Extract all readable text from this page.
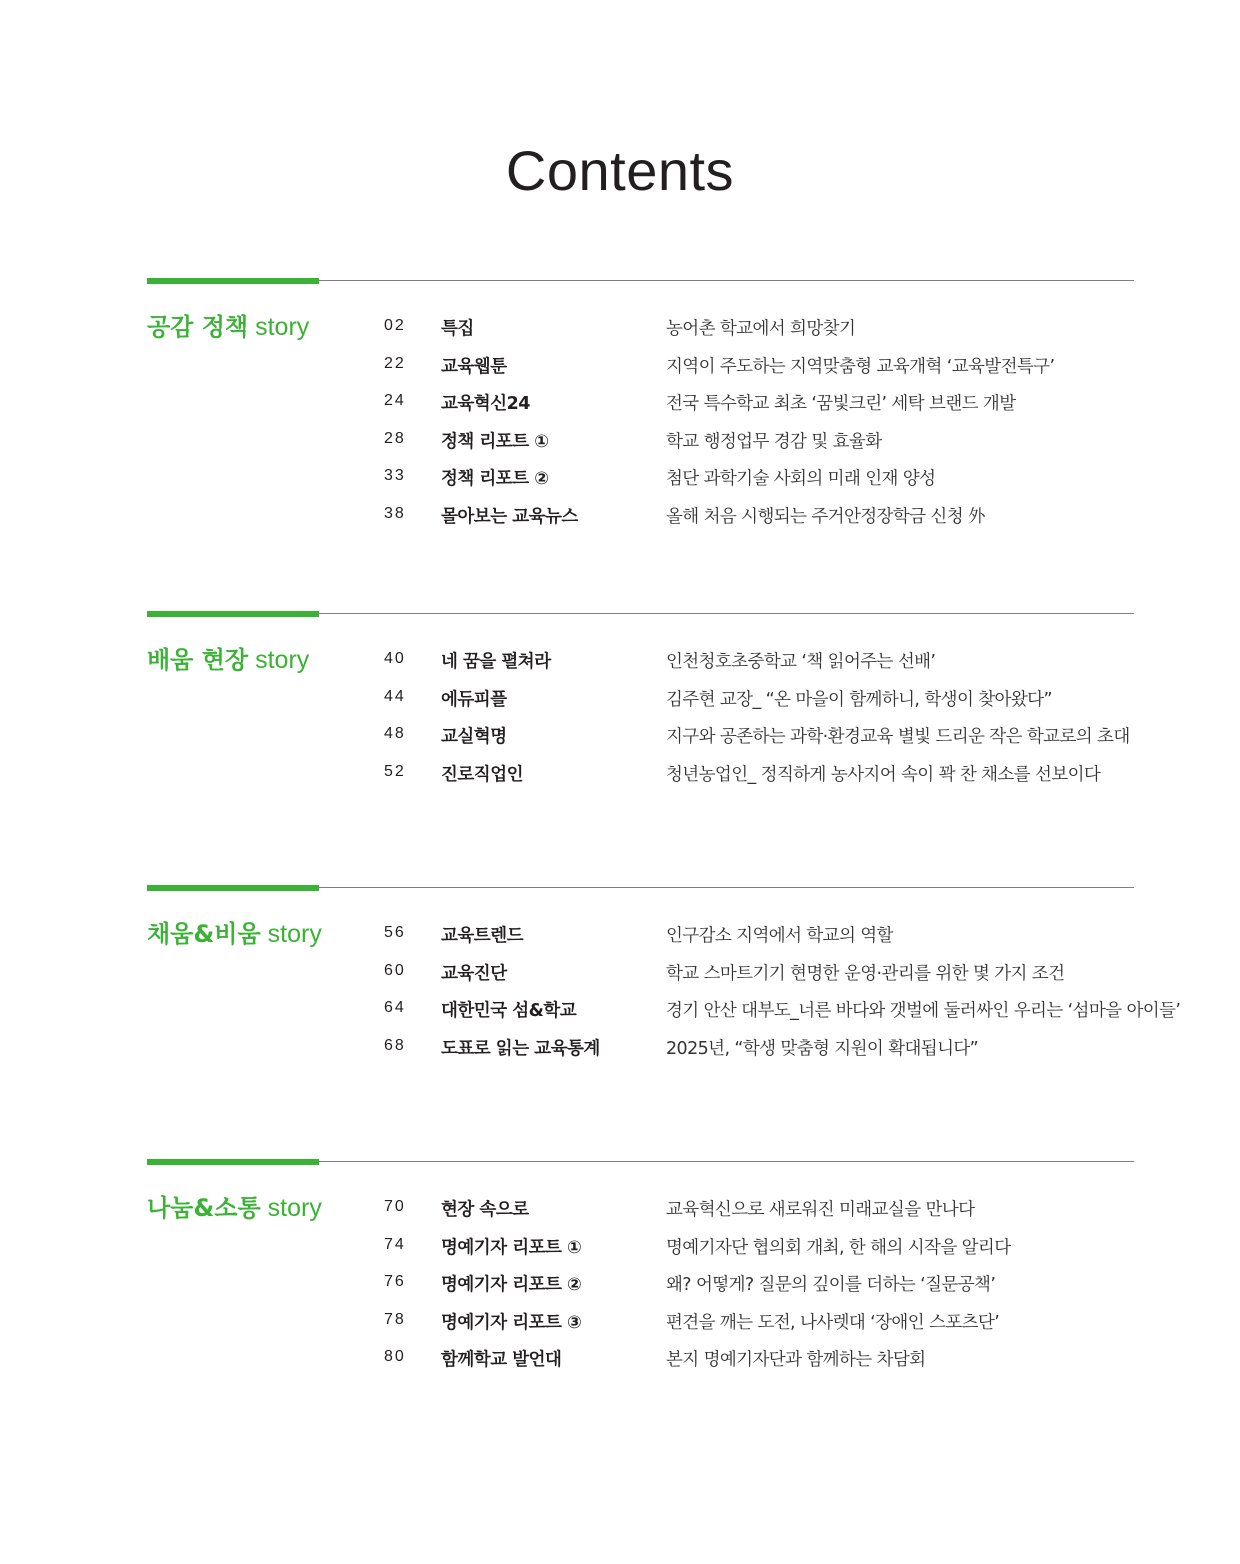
Contents
공감 정책 story	02 특집	농어촌 학교에서 희망찾기
22 교육웹툰	지역이 주도하는 지역맞춤형 교육개혁 ‘교육발전특구’
24 교육혁신24	전국 특수학교 최초 ‘꿈빛크린’ 세탁 브랜드 개발
28 정책 리포트 ①	학교 행정업무 경감 및 효율화
33 정책 리포트 ②	첨단 과학기술 사회의 미래 인재 양성
38 몰아보는 교육뉴스	올해 처음 시행되는 주거안정장학금 신청 外
배움 현장 story	40 네 꿈을 펼쳐라	인천청호초중학교 ‘책 읽어주는 선배’
44 에듀피플	김주현 교장_ “온 마을이 함께하니, 학생이 찾아왔다”
48 교실혁명	지구와 공존하는 과학·환경교육 별빛 드리운 작은 학교로의 초대
52 진로직업인	청년농업인_ 정직하게 농사지어 속이 꽉 찬 채소를 선보이다
채움&비움 story	56 교육트렌드	인구감소 지역에서 학교의 역할
60 교육진단	학교 스마트기기 현명한 운영·관리를 위한 몇 가지 조건
64 대한민국 섬&학교	경기 안산 대부도_너른 바다와 갯벌에 둘러싸인 우리는 ‘섬마을 아이들’
68 도표로 읽는 교육통계	2025년, “학생 맞춤형 지원이 확대됩니다”
나눔&소통 story	70 현장 속으로	교육혁신으로 새로워진 미래교실을 만나다
74 명예기자 리포트 ①	명예기자단 협의회 개최, 한 해의 시작을 알리다
76 명예기자 리포트 ②	왜? 어떻게? 질문의 깊이를 더하는 ‘질문공책’
78 명예기자 리포트 ③	편견을 깨는 도전, 나사렛대 ‘장애인 스포츠단’
80 함께학교 발언대	본지 명예기자단과 함께하는 차담회
